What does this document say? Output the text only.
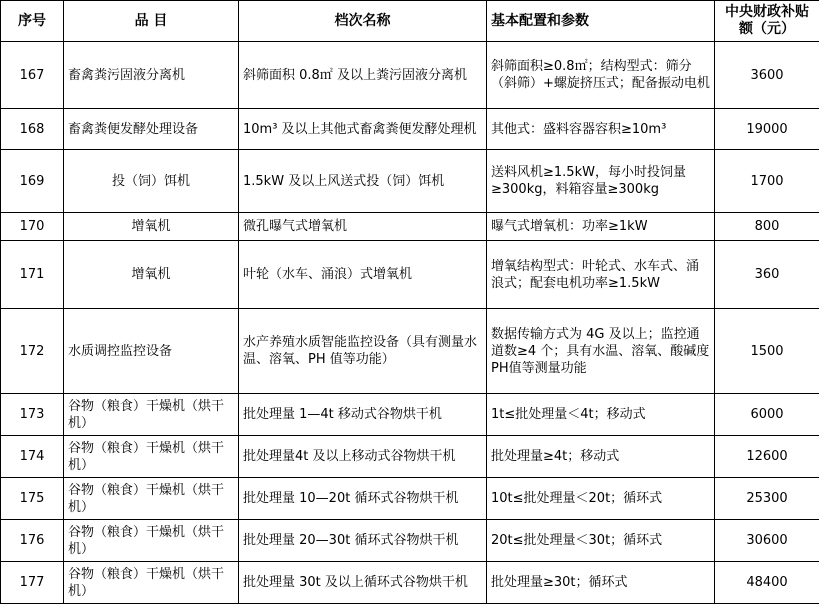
序号	品 目	档次名称	基本配置和参数	中央财政补贴额（元）
167	畜禽粪污固液分离机	斜筛面积 0.8㎡ 及以上粪污固液分离机	斜筛面积≥0.8㎡；结构型式：筛分（斜筛）+螺旋挤压式；配备振动电机	3600
168	畜禽粪便发酵处理设备	10m³ 及以上其他式畜禽粪便发酵处理机	其他式：盛料容器容积≥10m³	19000
169	投（饲）饵机	1.5kW 及以上风送式投（饲）饵机	送料风机≥1.5kW，每小时投饲量≥300kg，料箱容量≥300kg	1700
170	增氧机	微孔曝气式增氧机	曝气式增氧机：功率≥1kW	800
171	增氧机	叶轮（水车、涌浪）式增氧机	增氧结构型式：叶轮式、水车式、涌浪式；配套电机功率≥1.5kW	360
172	水质调控监控设备	水产养殖水质智能监控设备（具有测量水温、溶氧、PH 值等功能）	数据传输方式为 4G 及以上；监控通道数≥4 个；具有水温、溶氧、酸碱度 PH值等测量功能	1500
173	谷物（粮食）干燥机（烘干机）	批处理量 1—4t 移动式谷物烘干机	1t≤批处理量＜4t；移动式	6000
174	谷物（粮食）干燥机（烘干机）	批处理量4t 及以上移动式谷物烘干机	批处理量≥4t；移动式	12600
175	谷物（粮食）干燥机（烘干机）	批处理量 10—20t 循环式谷物烘干机	10t≤批处理量＜20t；循环式	25300
176	谷物（粮食）干燥机（烘干机）	批处理量 20—30t 循环式谷物烘干机	20t≤批处理量＜30t；循环式	30600
177	谷物（粮食）干燥机（烘干机）	批处理量 30t 及以上循环式谷物烘干机	批处理量≥30t；循环式	48400
